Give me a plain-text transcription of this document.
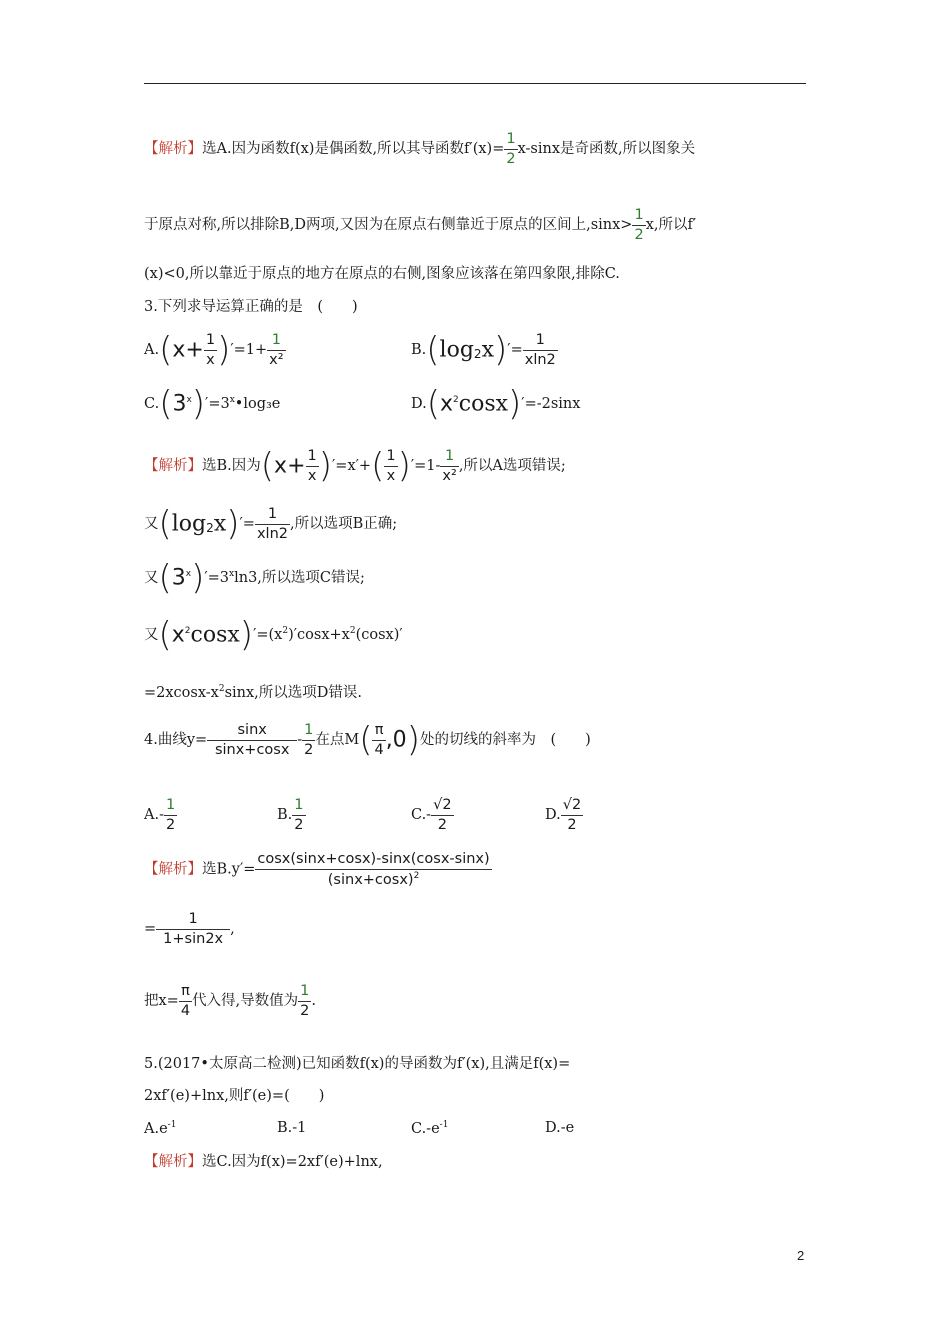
【解析】选A.因为函数f(x)是偶函数,所以其导函数$f'(x)= \frac{1}{2} x-\sin x$是奇函数,所以图象关
于原点对称,所以排除B,D两项,又因为在原点右侧靠近于原点的区间上$,\sin x> \frac{1}{2} x$,所以f′
(x)<0,所以靠近于原点的地方在原点的右侧,图象应该落在第四象限,排除C.
3.下列求导运算正确的是　(　　)
$A.(x+ \frac{1}{x} )'=1+ \frac{1}{\text{x²}}$	$B.(\log_2x)'= \frac{1}{xln2}$
$C.(3^x)'=3^x•\log_3e$	$D.(x^2\cos x)'=-2\sin x$
【解析】选B.因为$(x+ \frac{1}{x} )'=x'+( \frac{1}{x} )'=1- \frac{1}{\text{x²}}$ ,所以A选项错误;
又$(\log_2x)'= \frac{1}{xln2}$ ,所以选项B正确;
又$(3^x)'=3^x\ln 3$,所以选项C错误;
又$(x^2\cos x)'=(x^2)'\cos x+x^2(\cos x)'$
$=2xcosx-x^2\sin x$,所以选项D错误.
4.曲线$y= \frac{\sin x}{\sin x+\cos x} - \frac{1}{2}$ 在点$M( \frac{\pi}{4} ,0)$处的切线的斜率为　(　　)
$A.- \frac{1}{2}$	B. $\frac{1}{2}$	$C.- \frac{√2}{2}$	D. $\frac{√2}{2}$
【解析】选$B.y'= \frac{\cos x(\sin x+\cos x)-\sin x(\cos x-\sin x)}{(\sin x+\cos x)^2}$
= $\frac{1}{1+\sin 2x}$ ,
把$x= \frac{\pi}{4}$ 代入得,导数值为 $\frac{1}{2}$ .
5.(2017•太原高二检测)已知函数f(x)的导函数为f′(x),且满足f(x)=
2xf′(e)+lnx,则f′(e)=(　　)
$A.e^{-1}$	B.-1	$C.-e^{-1}$	D.-e
【解析】选C.因为f(x)=2xf′(e)+lnx,
2
